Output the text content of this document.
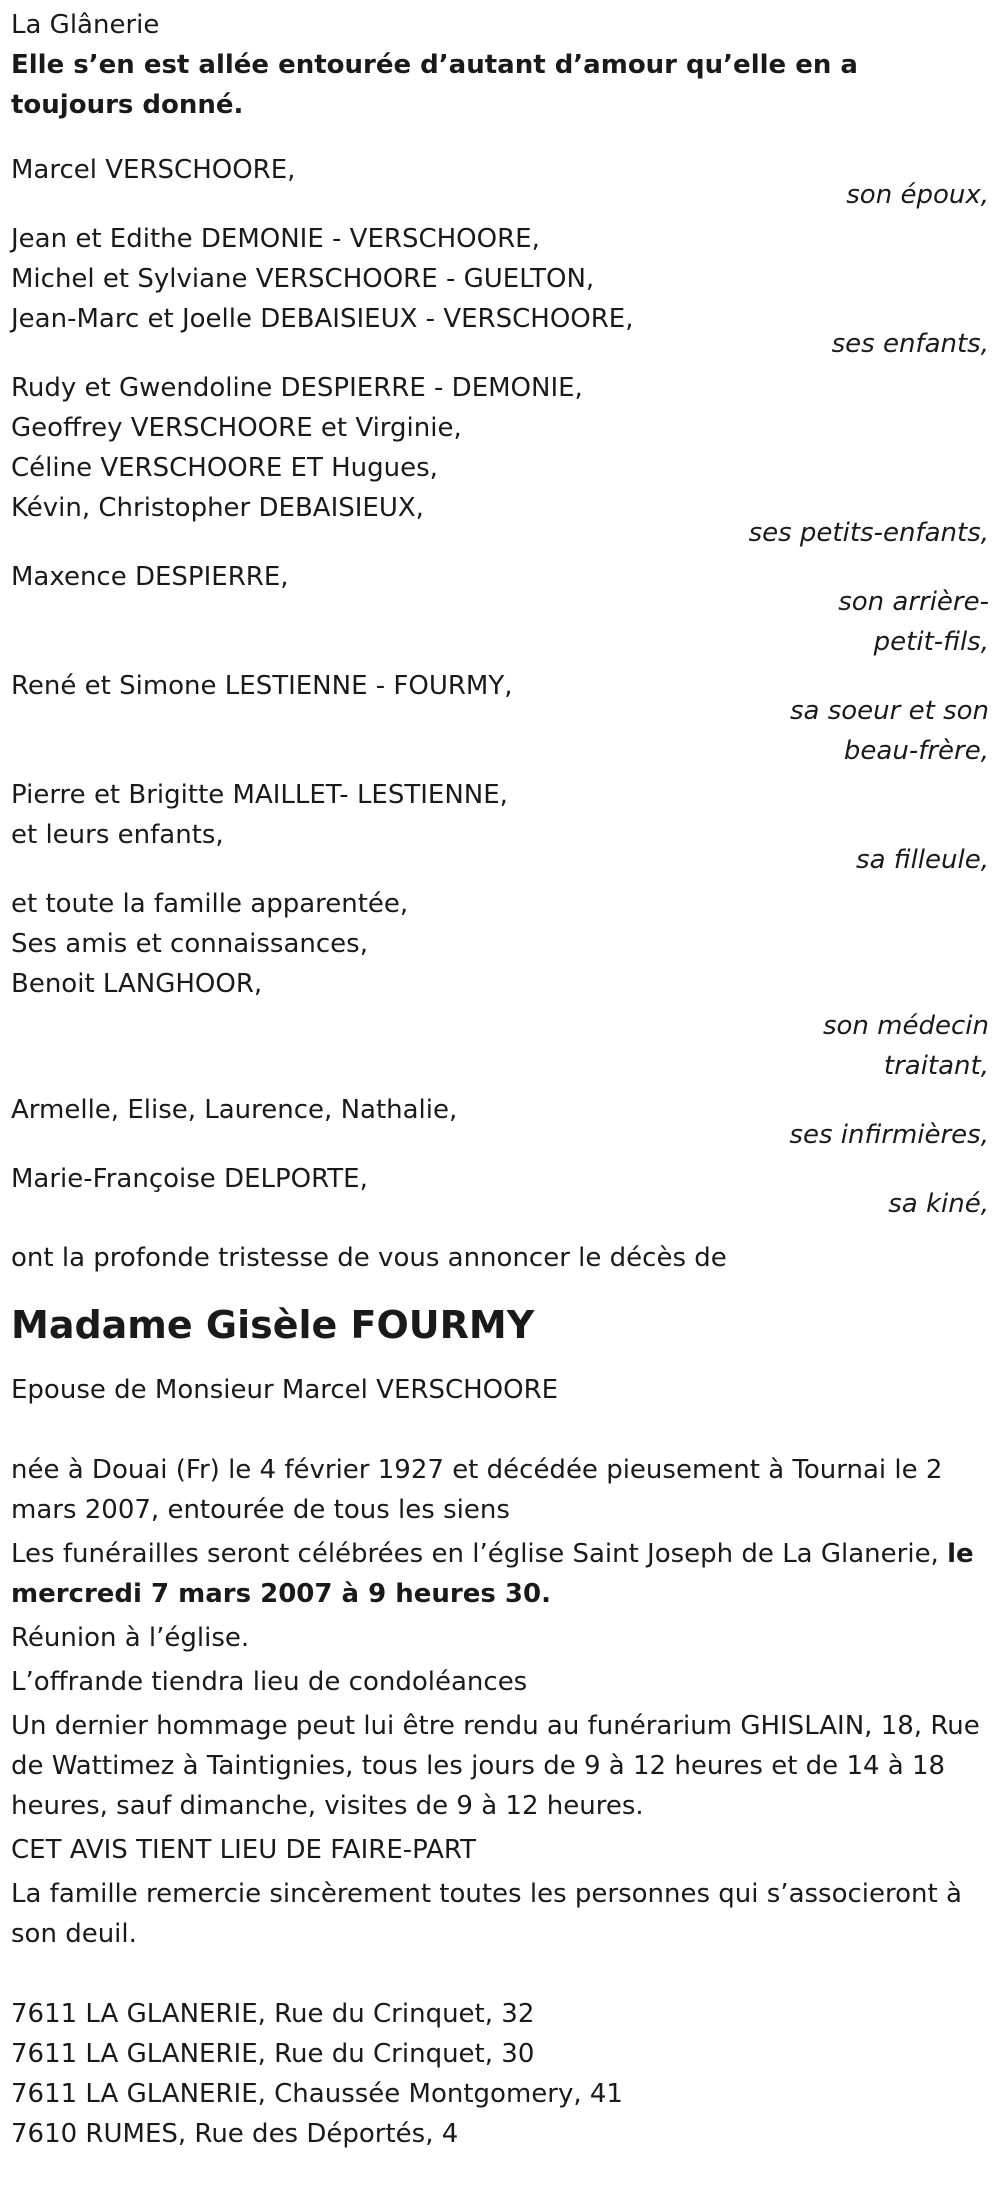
La Glânerie
Elle s’en est allée entourée d’autant d’amour qu’elle en a toujours donné.
Marcel VERSCHOORE,
son époux,
Jean et Edithe DEMONIE - VERSCHOORE,
Michel et Sylviane VERSCHOORE - GUELTON,
Jean-Marc et Joelle DEBAISIEUX - VERSCHOORE,
ses enfants,
Rudy et Gwendoline DESPIERRE - DEMONIE,
Geoffrey VERSCHOORE et Virginie,
Céline VERSCHOORE ET Hugues,
Kévin, Christopher DEBAISIEUX,
ses petits-enfants,
Maxence DESPIERRE,
son arrière-
petit-fils,
René et Simone LESTIENNE - FOURMY,
sa soeur et son
beau-frère,
Pierre et Brigitte MAILLET- LESTIENNE,
et leurs enfants,
sa filleule,
et toute la famille apparentée,
Ses amis et connaissances,
Benoit LANGHOOR,
son médecin
traitant,
Armelle, Elise, Laurence, Nathalie,
ses infirmières,
Marie-Françoise DELPORTE,
sa kiné,
ont la profonde tristesse de vous annoncer le décès de
Madame Gisèle FOURMY
Epouse de Monsieur Marcel VERSCHOORE
née à Douai (Fr) le 4 février 1927 et décédée pieusement à Tournai le 2 mars 2007, entourée de tous les siens
Les funérailles seront célébrées en l’église Saint Joseph de La Glanerie, le mercredi 7 mars 2007 à 9 heures 30.
Réunion à l’église.
L’offrande tiendra lieu de condoléances
Un dernier hommage peut lui être rendu au funérarium GHISLAIN, 18, Rue de Wattimez à Taintignies, tous les jours de 9 à 12 heures et de 14 à 18 heures, sauf dimanche, visites de 9 à 12 heures.
CET AVIS TIENT LIEU DE FAIRE-PART
La famille remercie sincèrement toutes les personnes qui s’associeront à son deuil.
7611 LA GLANERIE, Rue du Crinquet, 32
7611 LA GLANERIE, Rue du Crinquet, 30
7611 LA GLANERIE, Chaussée Montgomery, 41
7610 RUMES, Rue des Déportés, 4
